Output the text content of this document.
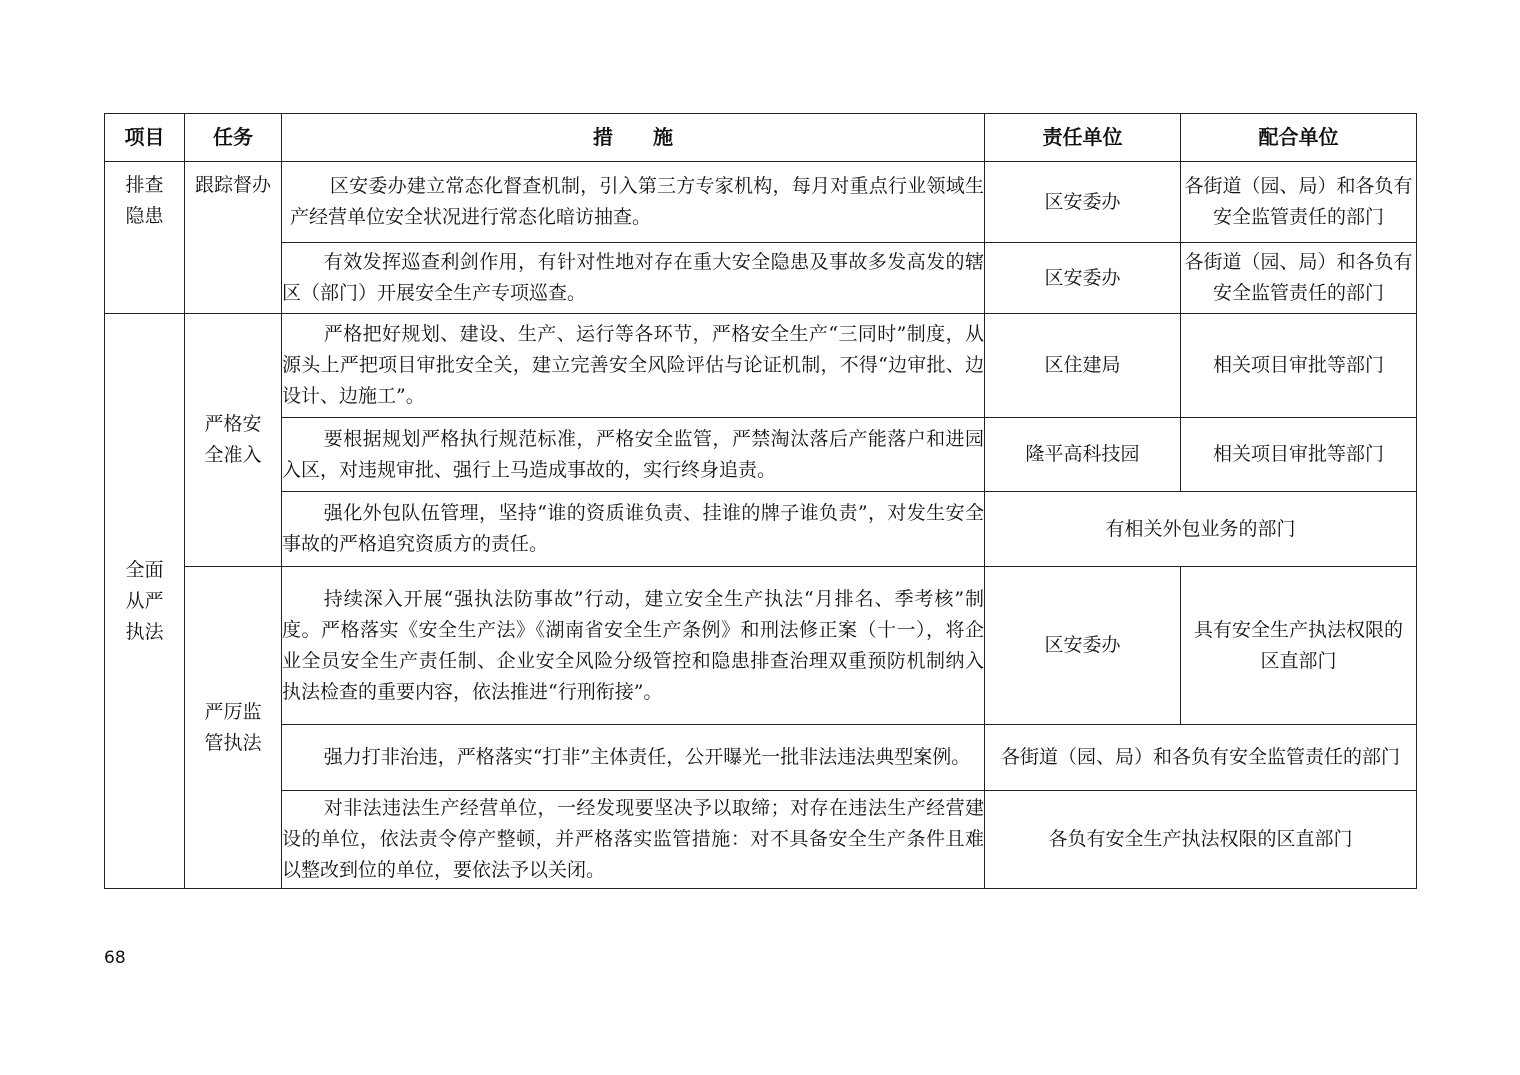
项目	任务	措　　施	责任单位	配合单位
排查隐患	跟踪督办	区安委办建立常态化督查机制，引入第三方专家机构，每月对重点行业领域生产经营单位安全状况进行常态化暗访抽查。	区安委办	各街道（园、局）和各负有安全监管责任的部门

		有效发挥巡查利剑作用，有针对性地对存在重大安全隐患及事故多发高发的辖区（部门）开展安全生产专项巡查。	区安委办	各街道（园、局）和各负有安全监管责任的部门
全面从严执法	严格安全准入	严格把好规划、建设、生产、运行等各环节，严格安全生产“三同时”制度，从源头上严把项目审批安全关，建立完善安全风险评估与论证机制，不得“边审批、边设计、边施工”。	区住建局	相关项目审批等部门

		要根据规划严格执行规范标准，严格安全监管，严禁淘汰落后产能落户和进园入区，对违规审批、强行上马造成事故的，实行终身追责。	隆平高科技园	相关项目审批等部门

		强化外包队伍管理，坚持“谁的资质谁负责、挂谁的牌子谁负责”，对发生安全事故的严格追究资质方的责任。	有相关外包业务的部门	
	严厉监管执法	持续深入开展“强执法防事故”行动，建立安全生产执法“月排名、季考核”制度。严格落实《安全生产法》《湖南省安全生产条例》和刑法修正案（十一），将企业全员安全生产责任制、企业安全风险分级管控和隐患排查治理双重预防机制纳入执法检查的重要内容，依法推进“行刑衔接”。	区安委办	具有安全生产执法权限的区直部门

		强力打非治违，严格落实“打非”主体责任，公开曝光一批非法违法典型案例。	各街道（园、局）和各负有安全监管责任的部门	

		对非法违法生产经营单位，一经发现要坚决予以取缔；对存在违法生产经营建设的单位，依法责令停产整顿，并严格落实监管措施：对不具备安全生产条件且难以整改到位的单位，要依法予以关闭。	各负有安全生产执法权限的区直部门	
68
